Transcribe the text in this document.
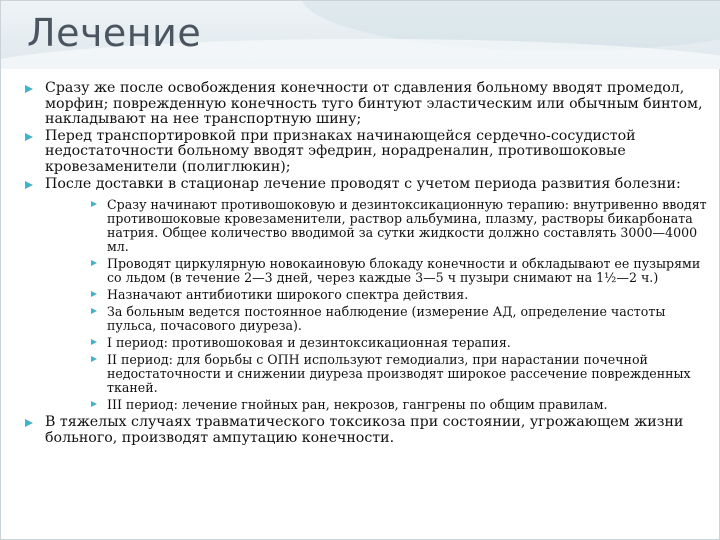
Лечение
Сразу же после освобождения конечности от сдавления больному вводят промедол, морфин; поврежденную конечность туго бинтуют эластическим или обычным бинтом, накладывают на нее транспортную шину;
Перед транспортировкой при признаках начинающейся сердечно-сосудистой недостаточности больному вводят эфедрин, норадреналин, противошоковые кровезаменители (полиглюкин);
После доставки в стационар лечение проводят с учетом периода развития болезни:
Сразу начинают противошоковую и дезинтоксикационную терапию: внутривенно вводят противошоковые кровезаменители, раствор альбумина, плазму, растворы бикарбоната натрия. Общее количество вводимой за сутки жидкости должно составлять 3000—4000 мл.
Проводят циркулярную новокаиновую блокаду конечности и обкладывают ее пузырями со льдом (в течение 2—3 дней, через каждые 3—5 ч пузыри снимают на 1½—2 ч.)
Назначают антибиотики широкого спектра действия.
За больным ведется постоянное наблюдение (измерение АД, определение частоты пульса, почасового диуреза).
I период: противошоковая и дезинтоксикационная терапия.
II период: для борьбы с ОПН используют гемодиализ, при нарастании почечной недостаточности и снижении диуреза производят широкое рассечение поврежденных тканей.
III период: лечение гнойных ран, некрозов, гангрены по общим правилам.
В тяжелых случаях травматического токсикоза при состоянии, угрожающем жизни больного, производят ампутацию конечности.
